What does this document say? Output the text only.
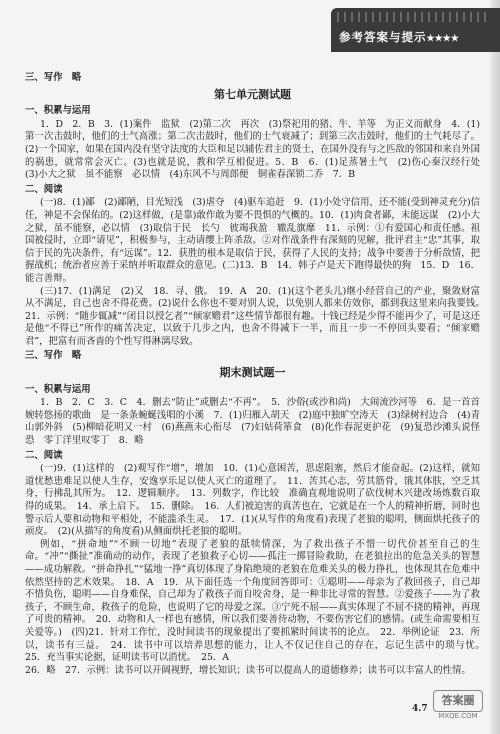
参考答案与提示★★★★
三、写作　略
第七单元测试题
一、积累与运用
1．D　2．B　3．(1)案件　监狱　(2)第二次　再次　(3)祭祀用的猪、牛、羊等　为正义而献身　4．(1)第一次击鼓时，他们的士气高涨；第二次击鼓时，他们的士气衰减了；到第三次击鼓时，他们的士气耗尽了。(2)一个国家，如果在国内没有坚守法度的大臣和足以辅佐君主的贤士，在国外没有与之匹敌的邻国和来自外国的祸患，就常常会灭亡。(3)也就是说，教和学互相促进。5．B　6．(1)足蒸暑土气　(2)伤心秦汉经行处　(3)小大之狱　虽不能察　必以情　(4)东风不与周郎便　铜雀春深锁二乔　7．B
二、阅读
(一)8．(1)鄙　(2)鄙陋，目光短浅　(3)虐夺　(4)驱车追赶　9．(1)小处守信用，还不能(受到神灵充分)信任，神是不会保佑的。(2)这样做，(是靠)敢作敢为要不畏惧的气概的。10．(1)肉食者鄙，未能远谋　(2)小大之狱，虽不能察，必以情　(3)取信于民　长勺　彼竭我盈　辙乱旗靡　11．示例：①有爱国心和责任感。祖国被侵时，立即“请见”，积极参与，主动请缨上阵杀敌。②对作战条件有深刻的见解，批评君主“忠”其事，取信于民的先决条件，有“远谋”。12．获胜的根本是取信于民，获得了人民的支持；战争中要善于分析敌情，把握战机；统治者应善于采纳并听取群众的意见。(二)13．B　14．韩子卢是天下跑得最快的狗　15．D　16．能言善辩。
(三)17．(1)满足　(2)又　18．寻、俄。　19．A　20．(1)(这个老头儿)继小经营自己的产业，聚敛财富从不满足，自己也舍不得花费。(2)说什么你也不要对别人说，以免别人都来仿效你，都到我这里来向我要钱。　21．示例：“随步辄减”“闭目以授乞者”“倾家赡君”这些情节都很有趣。十钱已经是少得不能再少了，可是这还是他“不得已”所作的痛苦决定，以致于几步之内，也舍不得减下一半，而且一步一不停回头要看；“倾家赡君”，把富有而吝啬的个性写得淋漓尽致。
三、写作　略
期末测试题一
一、积累与运用
1．B　2．C　3．C　4．删去“防止”或删去“不再”。　5．沙俗(或沙和尚)　大闹流沙河等　6．是一首首婉转悠扬的歌曲　是一条条蜿蜒浅唱的小溪　7．(1)归雁入胡天　(2)庭中独旷空涛天　(3)绿树村边合　(4)青山郭外斜　(5)柳暗花明又一村　(6)燕燕未心衔尽　(7)妇姑荷箪食　(8)化作春泥更护花　(9)复恐沙滩头说怪恐　零丁洋里叹零丁　8．略
二、阅读
(一)9．(1)这样的　(2)观写作“增”，增加　10．(1)心意困苦，思虑阻塞，然后才能奋起。(2)这样，就知道忧愁患难足以使人生存，安逸享乐足以使人灭亡的道理了。　11．苦其心志，劳其筋骨，饿其体肤，空乏其身，行拂乱其所为。　12．逻辑顺序。　13．列数字，作比较　准确直观地说明了砍伐树木兴建改场炼数百取得的成果。　14．承上启下。　15．删除。　16．人们被迫害的真苦也在，它就是在一个人的精神折磨，同时也警示后人要和动物和平相处，不能滥杀生灵。　17．(1)(从写作的角度看)表现了老狼的聪明，侧面烘托孩子的顽皮。　(2)(从描写的角度看)从侧面烘托老狼的聪明。
例如，“拼命地”“不顾一切地”表现了老狼的舐犊情深，为了救出孩子不惜一切代价甚至自己的生命。“冲”“撕扯”准确动的动作，表现了老狼救子心切——孤注一掷冒险救助，在老狼拉出的危急关头的智慧——成功解救。“拼命挣扎”“猛地一挣”真切体现了身陷绝境的老狼在危难关头的极力挣扎，也体现其在危难中依然坚持的艺术效果。　18．A　19．从下面任选一个角度回答即可：①聪明——母亲为了救回孩子，自己却不惜负伤，聪明——自身难保，自己却为了救孩子而自咬舍身，是一种非比寻常的智慧。②爱孩子——为了救孩子，不顾生命，救孩子的危险，也说明了它的母爱之深。③宁死不屈——真实体现了不屈不挠的精神，再现了可贵的精神。　20．动物和人一样也有感情，所以我们要善待动物，不要伤害它们的感情。(或生命需要相互关爱等。)　(四)21．针对工作忙，没时间读书的现象提出了要抓紧时间读书的论点。　22．举例论证　23．所以，读书有三益。　24．读书中可以培养思想的能力，让人不仅记住自己的存在，忘记生活中的琐与忧。　25．充当事实论据，证明读书可以消忧。　25．A
26．略　27．示例：读书可以开阔视野，增长知识；读书可以提高人的道德修养；读书可以丰富人的性情。
4.7
答案圈
MXQE.COM
